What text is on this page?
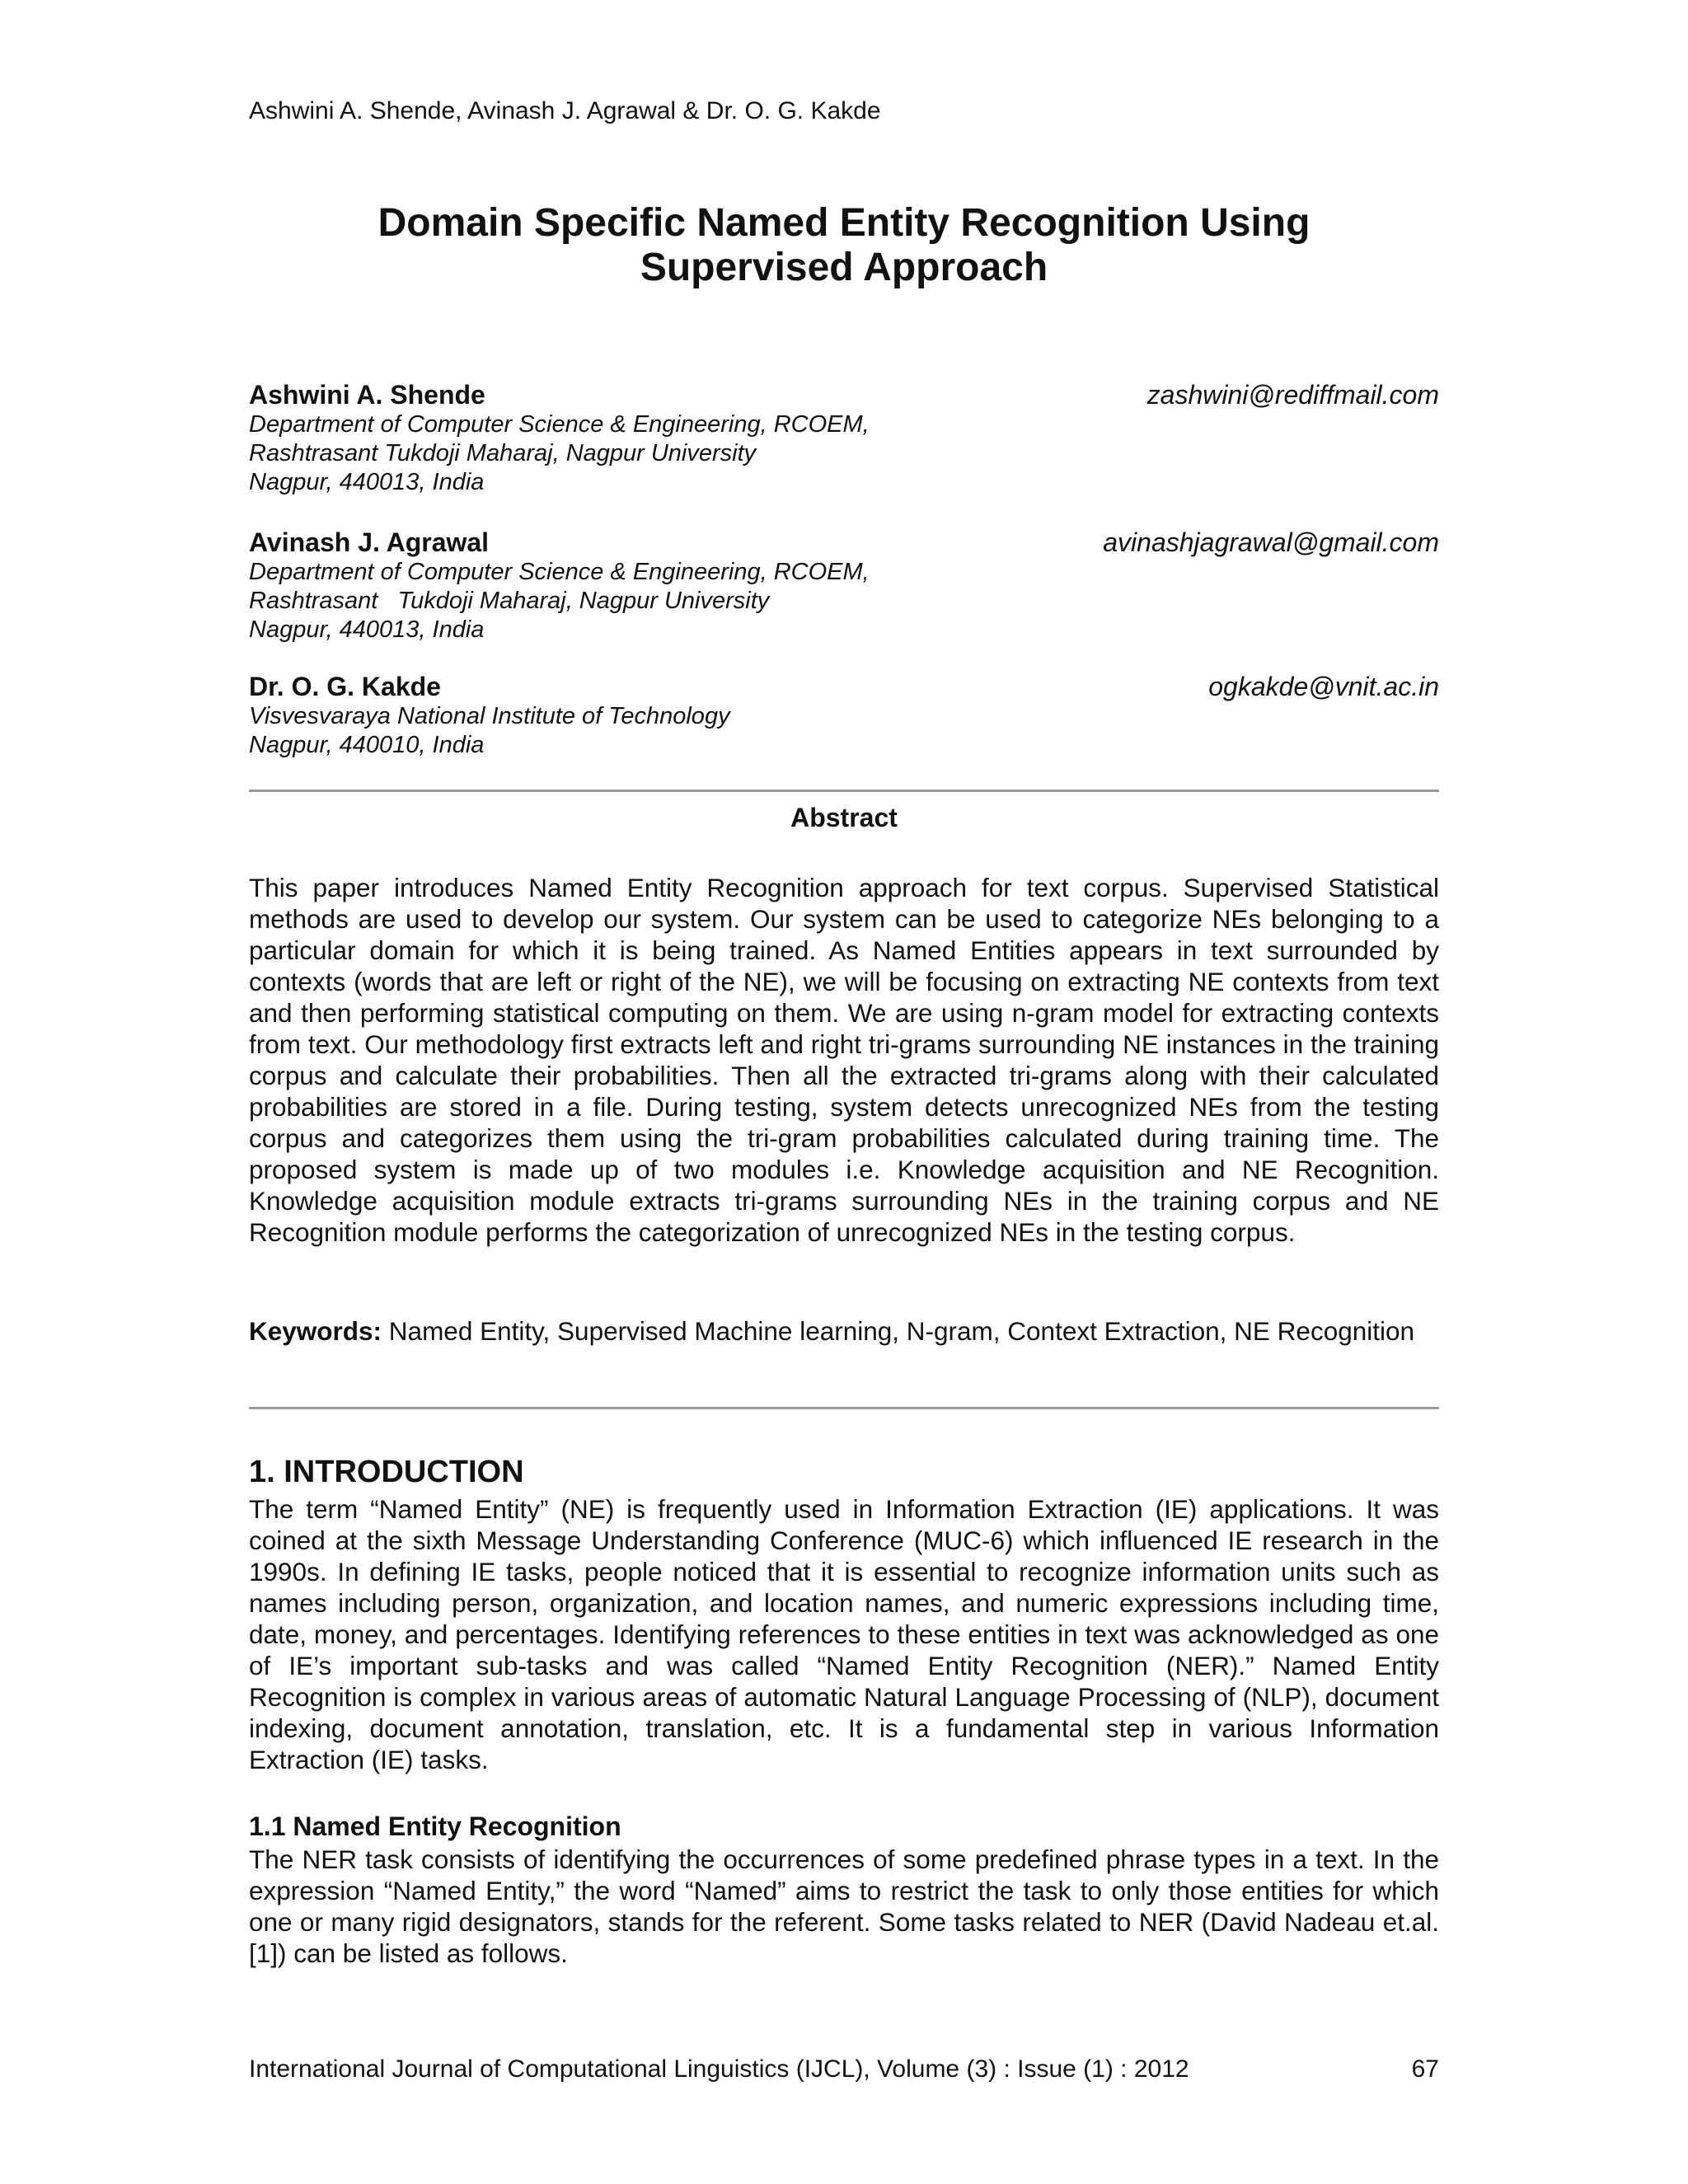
Ashwini A. Shende, Avinash J. Agrawal & Dr. O. G. Kakde
Domain Specific Named Entity Recognition Using
Supervised Approach
Ashwini A. Shende	zashwini@rediffmail.com
Department of Computer Science & Engineering, RCOEM,
Rashtrasant Tukdoji Maharaj, Nagpur University
Nagpur, 440013, India
Avinash J. Agrawal	avinashjagrawal@gmail.com
Department of Computer Science & Engineering, RCOEM,
Rashtrasant   Tukdoji Maharaj, Nagpur University
Nagpur, 440013, India
Dr. O. G. Kakde	ogkakde@vnit.ac.in
Visvesvaraya National Institute of Technology
Nagpur, 440010, India
Abstract
This paper introduces Named Entity Recognition approach for text corpus. Supervised Statistical methods are used to develop our system. Our system can be used to categorize NEs belonging to a particular domain for which it is being trained. As Named Entities appears in text surrounded by contexts (words that are left or right of the NE), we will be focusing on extracting NE contexts from text and then performing statistical computing on them. We are using n-gram model for extracting contexts from text. Our methodology first extracts left and right tri-grams surrounding NE instances in the training corpus and calculate their probabilities. Then all the extracted tri-grams along with their calculated probabilities are stored in a file. During testing, system detects unrecognized NEs from the testing corpus and categorizes them using the tri-gram probabilities calculated during training time. The proposed system is made up of two modules i.e. Knowledge acquisition and NE Recognition. Knowledge acquisition module extracts tri-grams surrounding NEs in the training corpus and NE Recognition module performs the categorization of unrecognized NEs in the testing corpus.
Keywords: Named Entity, Supervised Machine learning, N-gram, Context Extraction, NE Recognition
1. INTRODUCTION
The term “Named Entity” (NE) is frequently used in Information Extraction (IE) applications. It was coined at the sixth Message Understanding Conference (MUC-6) which influenced IE research in the 1990s. In defining IE tasks, people noticed that it is essential to recognize information units such as names including person, organization, and location names, and numeric expressions including time, date, money, and percentages. Identifying references to these entities in text was acknowledged as one of IE’s important sub-tasks and was called “Named Entity Recognition (NER).” Named Entity Recognition is complex in various areas of automatic Natural Language Processing of (NLP), document indexing, document annotation, translation, etc. It is a fundamental step in various Information Extraction (IE) tasks.
1.1 Named Entity Recognition
The NER task consists of identifying the occurrences of some predefined phrase types in a text. In the expression “Named Entity,” the word “Named” aims to restrict the task to only those entities for which one or many rigid designators, stands for the referent. Some tasks related to NER (David Nadeau et.al. [1]) can be listed as follows.
International Journal of Computational Linguistics (IJCL), Volume (3) : Issue (1) : 2012	67
